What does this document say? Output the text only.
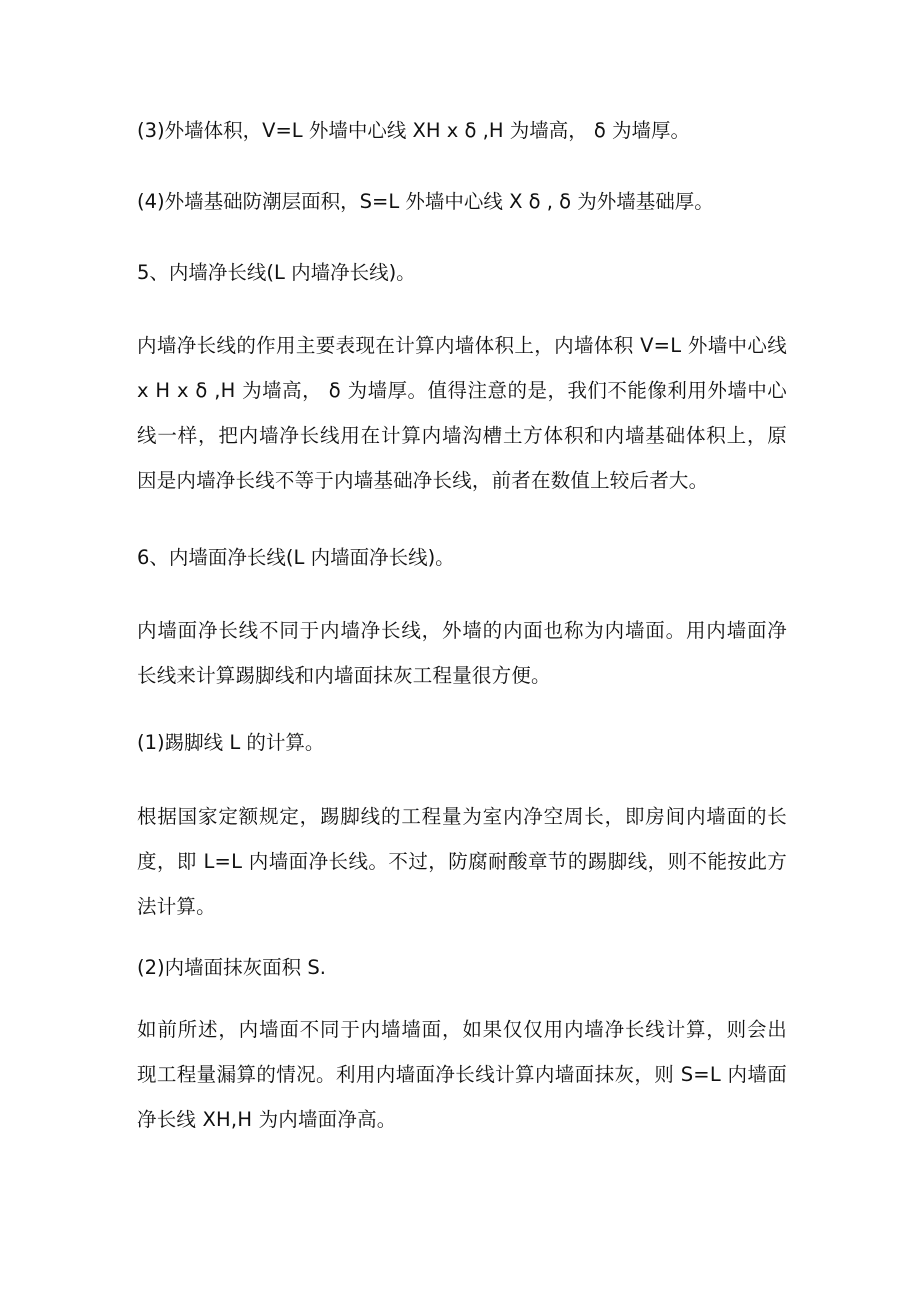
(3)外墙体积，V=L 外墙中心线 XH x δ ,H 为墙高， δ 为墙厚。

(4)外墙基础防潮层面积，S=L 外墙中心线 X δ , δ 为外墙基础厚。

5、内墙净长线(L 内墙净长线)。

内墙净长线的作用主要表现在计算内墙体积上，内墙体积 V=L 外墙中心线 x H x δ ,H 为墙高， δ 为墙厚。值得注意的是，我们不能像利用外墙中心线一样，把内墙净长线用在计算内墙沟槽土方体积和内墙基础体积上，原因是内墙净长线不等于内墙基础净长线，前者在数值上较后者大。

6、内墙面净长线(L 内墙面净长线)。

内墙面净长线不同于内墙净长线，外墙的内面也称为内墙面。用内墙面净长线来计算踢脚线和内墙面抹灰工程量很方便。

(1)踢脚线 L 的计算。

根据国家定额规定，踢脚线的工程量为室内净空周长，即房间内墙面的长度，即 L=L 内墙面净长线。不过，防腐耐酸章节的踢脚线，则不能按此方法计算。

(2)内墙面抹灰面积 S.

如前所述，内墙面不同于内墙墙面，如果仅仅用内墙净长线计算，则会出现工程量漏算的情况。利用内墙面净长线计算内墙面抹灰，则 S=L 内墙面净长线 XH,H 为内墙面净高。
